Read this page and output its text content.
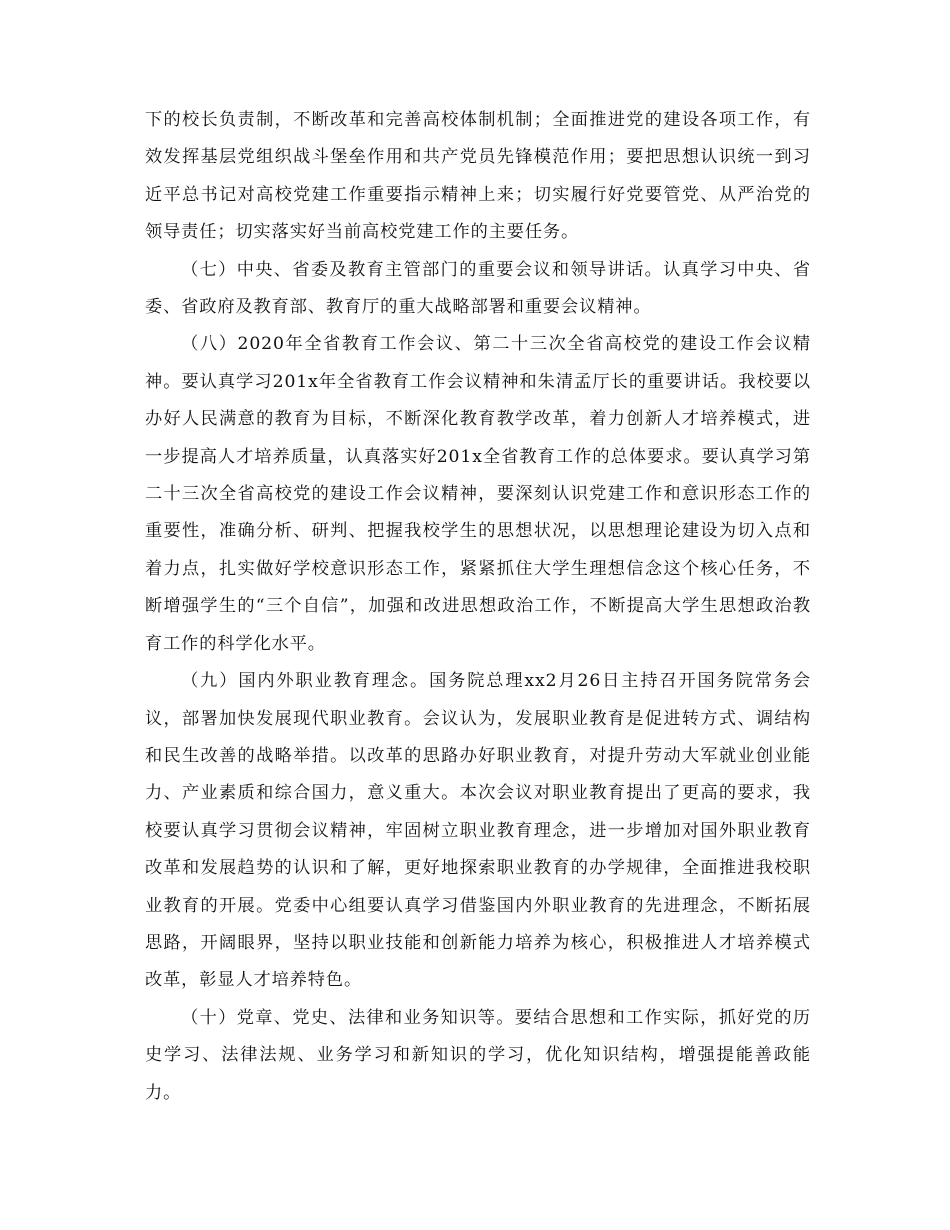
下的校长负责制，不断改革和完善高校体制机制；全面推进党的建设各项工作，有效发挥基层党组织战斗堡垒作用和共产党员先锋模范作用；要把思想认识统一到习近平总书记对高校党建工作重要指示精神上来；切实履行好党要管党、从严治党的领导责任；切实落实好当前高校党建工作的主要任务。

（七）中央、省委及教育主管部门的重要会议和领导讲话。认真学习中央、省委、省政府及教育部、教育厅的重大战略部署和重要会议精神。

（八）2020年全省教育工作会议、第二十三次全省高校党的建设工作会议精神。要认真学习201x年全省教育工作会议精神和朱清孟厅长的重要讲话。我校要以办好人民满意的教育为目标，不断深化教育教学改革，着力创新人才培养模式，进一步提高人才培养质量，认真落实好201x全省教育工作的总体要求。要认真学习第二十三次全省高校党的建设工作会议精神，要深刻认识党建工作和意识形态工作的重要性，准确分析、研判、把握我校学生的思想状况，以思想理论建设为切入点和着力点，扎实做好学校意识形态工作，紧紧抓住大学生理想信念这个核心任务，不断增强学生的“三个自信”，加强和改进思想政治工作，不断提高大学生思想政治教育工作的科学化水平。

（九）国内外职业教育理念。国务院总理xx2月26日主持召开国务院常务会议，部署加快发展现代职业教育。会议认为，发展职业教育是促进转方式、调结构和民生改善的战略举措。以改革的思路办好职业教育，对提升劳动大军就业创业能力、产业素质和综合国力，意义重大。本次会议对职业教育提出了更高的要求，我校要认真学习贯彻会议精神，牢固树立职业教育理念，进一步增加对国外职业教育改革和发展趋势的认识和了解，更好地探索职业教育的办学规律，全面推进我校职业教育的开展。党委中心组要认真学习借鉴国内外职业教育的先进理念，不断拓展思路，开阔眼界，坚持以职业技能和创新能力培养为核心，积极推进人才培养模式改革，彰显人才培养特色。

（十）党章、党史、法律和业务知识等。要结合思想和工作实际，抓好党的历史学习、法律法规、业务学习和新知识的学习，优化知识结构，增强提能善政能力。
